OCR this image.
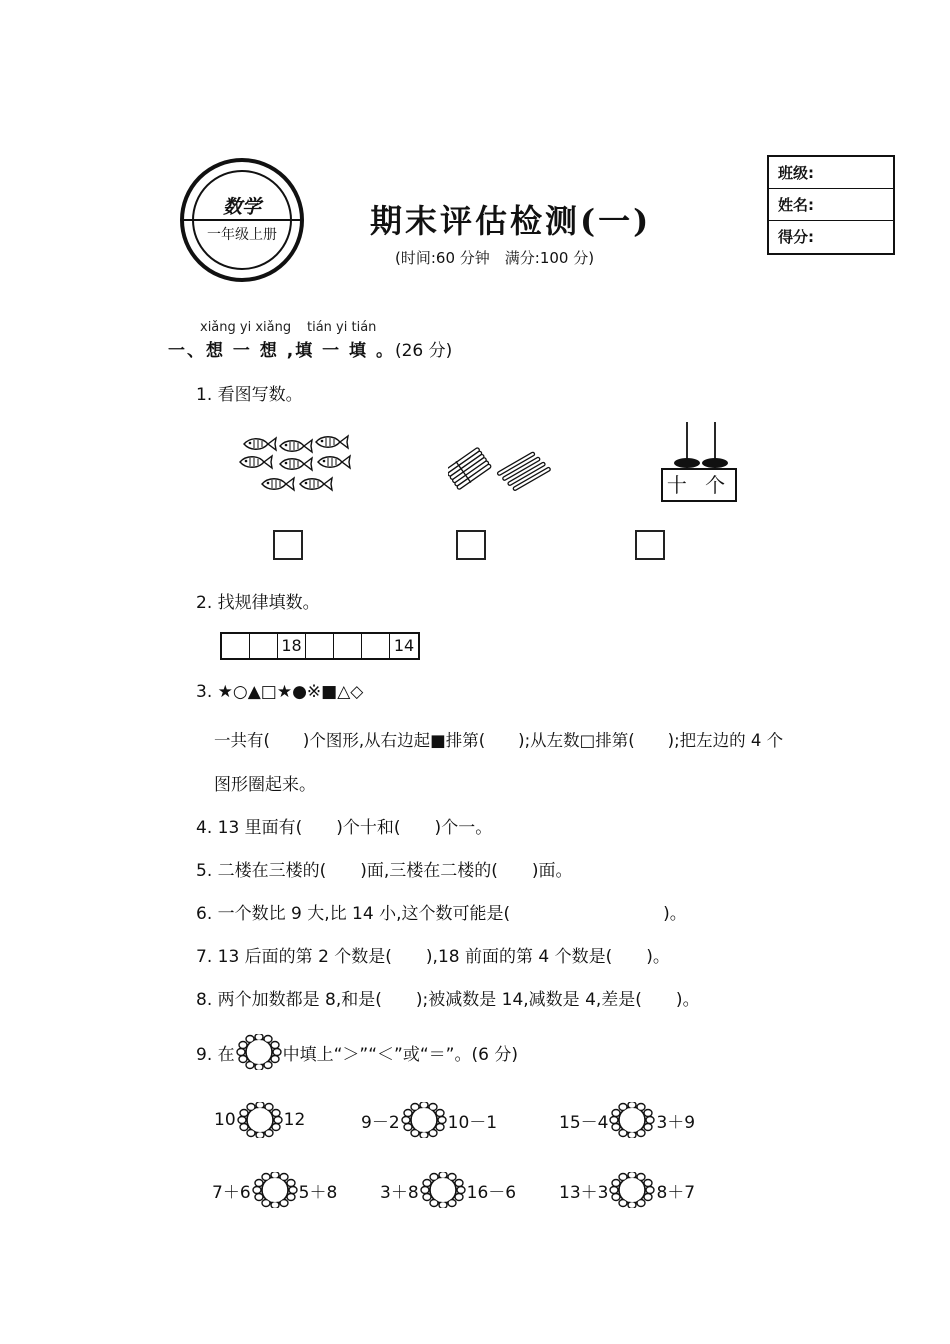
数学
一年级上册	期末评估检测(一)
(时间:60 分钟　满分:100 分)
班级:
姓名:
得分:
xiǎng yi xiǎng tián yi tián
一、想 一 想 ,填 一 填 。(26 分)
1. 看图写数。
十 个
2. 找规律填数。
18	14
3. ★○▲□★●※■△◇
一共有(　　)个图形,从右边起■排第(　　);从左数□排第(　　);把左边的 4 个
图形圈起来。
4. 13 里面有(　　)个十和(　　)个一。
5. 二楼在三楼的(　　)面,三楼在二楼的(　　)面。
6. 一个数比 9 大,比 14 小,这个数可能是(　　　　　　　　　)。
7. 13 后面的第 2 个数是(　　),18 前面的第 4 个数是(　　)。
8. 两个加数都是 8,和是(　　);被减数是 14,减数是 4,差是(　　)。
9. 在	中填上“＞”“＜”或“＝”。(6 分)
10	12	9－2	10－1	15－4	3＋9
7＋6	5＋8	3＋8	16－6	13＋3	8＋7
